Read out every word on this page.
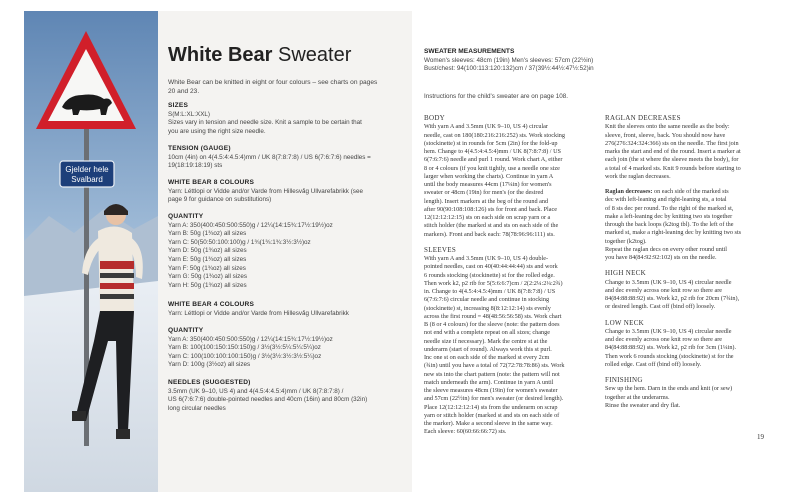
Gjelder hele
Svalbard
White Bear Sweater
White Bear can be knitted in eight or four colours – see charts on pages
20 and 23.
SIZES
S(M:L:XL:XXL)
Sizes vary in tension and needle size. Knit a sample to be certain that
you are using the right size needle.
TENSION (GAUGE)
10cm (4in) on 4(4.5:4:4.5:4)mm / UK 8(7:8:7:8) / US 6(7:6:7:6) needles =
19(18:19:18:19) sts
WHITE BEAR 8 COLOURS
Yarn: Léttlopi or Vidde and/or Varde from Hillesvåg Ullvarefabrikk (see
page 9 for guidance on substitutions)
QUANTITY
Yarn A: 350(400:450:500:550)g / 12¼(14:15¾:17½:19½)oz
Yarn B: 50g (1¾oz) all sizes
Yarn C: 50(50:50:100:100)g / 1¾(1¾:1¾:3½:3½)oz
Yarn D: 50g (1¾oz) all sizes
Yarn E: 50g (1¾oz) all sizes
Yarn F: 50g (1¾oz) all sizes
Yarn G: 50g (1¾oz) all sizes
Yarn H: 50g (1¾oz) all sizes
WHITE BEAR 4 COLOURS
Yarn: Léttlopi or Vidde and/or Varde from Hillesvåg Ullvarefabrikk
QUANTITY
Yarn A: 350(400:450:500:550)g / 12¼(14:15¾:17½:19½)oz
Yarn B: 100(100:150:150:150)g / 3½(3½:5¼:5¼:5¼)oz
Yarn C: 100(100:100:100:150)g / 3½(3½:3½:3½:5¼)oz
Yarn D: 100g (3½oz) all sizes
NEEDLES (SUGGESTED)
3.5mm (UK 9–10, US 4) and 4(4.5:4:4.5:4)mm / UK 8(7:8:7:8) /
US 6(7:6:7:6) double-pointed needles and 40cm (16in) and 80cm (32in)
long circular needles
SWEATER MEASUREMENTS
Women's sleeves: 48cm (19in) Men's sleeves: 57cm (22½in)
Bust/chest: 94(100:113:120:132)cm / 37(39½:44½:47½:52)in
Instructions for the child's sweater are on page 108.
BODY
With yarn A and 3.5mm (UK 9–10, US 4) circular
needle, cast on 180(180:216:216:252) sts. Work stocking
(stockinette) st in rounds for 5cm (2in) for the fold-up
hem. Change to 4(4.5:4:4.5:4)mm / UK 8(7:8:7:8) / US
6(7:6:7:6) needle and purl 1 round. Work chart A, either
8 or 4 colours (if you knit tightly, use a needle one size
larger when working the charts). Continue in yarn A
until the body measures 44cm (17¼in) for women's
sweater or 48cm (19in) for men's (or the desired
length). Insert markers at the beg of the round and
after 90(90:108:108:126) sts for front and back. Place
12(12:12:12:15) sts on each side on scrap yarn or a
stitch holder (the marked st and sts on each side of the
markers). Front and back each: 78(78:96:96:111) sts.
SLEEVES
With yarn A and 3.5mm (UK 9–10, US 4) double-
pointed needles, cast on 40(40:44:44:44) sts and work
6 rounds stocking (stockinette) st for the rolled edge.
Then work k2, p2 rib for 5(5:6:6:7)cm / 2(2:2¼:2¼:2¾)
in. Change to 4(4.5:4:4.5:4)mm / UK 8(7:8:7:8) / US
6(7:6:7:6) circular needle and continue in stocking
(stockinette) st, increasing 8(8:12:12:14) sts evenly
across the first round = 48(48:56:56:58) sts. Work chart
B (8 or 4 colours) for the sleeve (note: the pattern does
not end with a complete repeat on all sizes; change
needle size if necessary). Mark the centre st at the
underarm (start of round). Always work this st purl.
Inc one st on each side of the marked st every 2cm
(¾in) until you have a total of 72(72:78:78:86) sts. Work
new sts into the chart pattern (note: the pattern will not
match underneath the arm). Continue in yarn A until
the sleeve measures 48cm (19in) for women's sweater
and 57cm (22½in) for men's sweater (or desired length).
Place 12(12:12:12:14) sts from the underarm on scrap
yarn or stitch holder (marked st and sts on each side of
the marker). Make a second sleeve in the same way.
Each sleeve: 60(60:66:66:72) sts.
RAGLAN DECREASES
Knit the sleeves onto the same needle as the body:
sleeve, front, sleeve, back. You should now have
276(276:324:324:366) sts on the needle. The first join
marks the start and end of the round. Insert a marker at
each join (the st where the sleeve meets the body), for
a total of 4 marked sts. Knit 9 rounds before starting to
work the raglan decreases.
Raglan decreases: on each side of the marked sts
dec with left-leaning and right-leaning sts, a total
of 8 sts dec per round. To the right of the marked st,
make a left-leaning dec by knitting two sts together
through the back loops (k2tog tbl). To the left of the
marked st, make a right-leaning dec by knitting two sts
together (k2tog).
Repeat the raglan decs on every other round until
you have 84(84:92:92:102) sts on the needle.
HIGH NECK
Change to 3.5mm (UK 9–10, US 4) circular needle
and dec evenly across one knit row so there are
84(84:88:88:92) sts. Work k2, p2 rib for 20cm (7¾in),
or desired length. Cast off (bind off) loosely.
LOW NECK
Change to 3.5mm (UK 9–10, US 4) circular needle
and dec evenly across one knit row so there are
84(84:88:88:92) sts. Work k2, p2 rib for 3cm (1¼in).
Then work 6 rounds stocking (stockinette) st for the
rolled edge. Cast off (bind off) loosely.
FINISHING
Sew up the hem. Darn in the ends and knit (or sew)
together at the underarms.
Rinse the sweater and dry flat.
19
